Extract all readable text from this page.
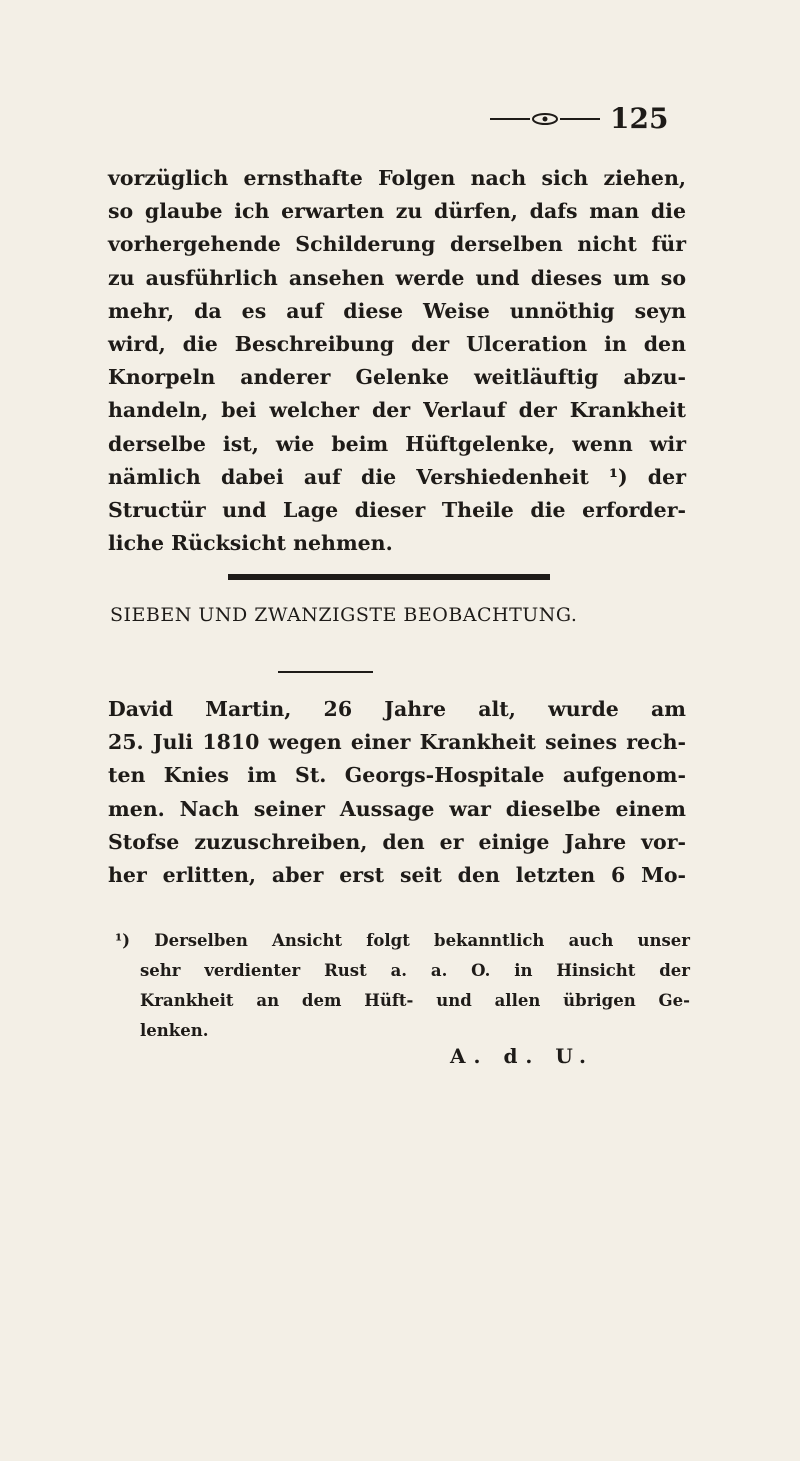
125

vorzüglich ernsthafte Folgen nach sich ziehen,
so glaube ich erwarten zu dürfen, dafs man die
vorhergehende Schilderung derselben nicht für
zu ausführlich ansehen werde und dieses um so
mehr, da es auf diese Weise unnöthig seyn
wird, die Beschreibung der Ulceration in den
Knorpeln anderer Gelenke weitläuftig abzu-
handeln, bei welcher der Verlauf der Krankheit
derselbe ist, wie beim Hüftgelenke, wenn wir
nämlich dabei auf die Vershiedenheit ¹) der
Structür und Lage dieser Theile die erforder-
liche Rücksicht nehmen.

SIEBEN UND ZWANZIGSTE BEOBACHTUNG.

David Martin, 26 Jahre alt, wurde am
25. Juli 1810 wegen einer Krankheit seines rech-
ten Knies im St. Georgs-Hospitale aufgenom-
men. Nach seiner Aussage war dieselbe einem
Stofse zuzuschreiben, den er einige Jahre vor-
her erlitten, aber erst seit den letzten 6 Mo-

¹) Derselben Ansicht folgt bekanntlich auch unser
sehr verdienter Rust a. a. O. in Hinsicht der
Krankheit an dem Hüft- und allen übrigen Ge-
lenken.
A. d. U.
